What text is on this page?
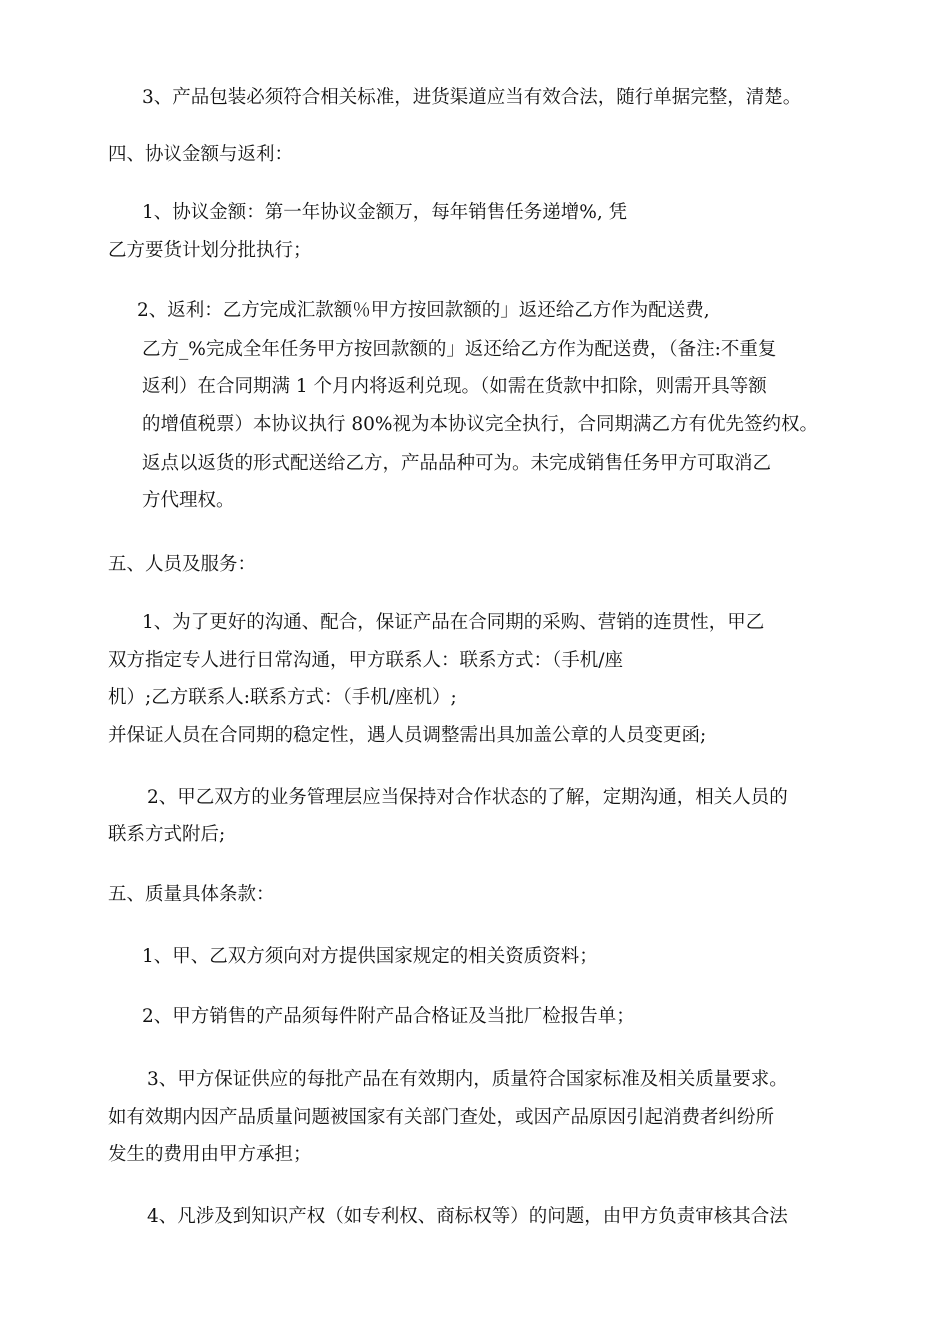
3、产品包装必须符合相关标准，进货渠道应当有效合法，随行单据完整，清楚。

四、协议金额与返利：

1、协议金额：第一年协议金额万，每年销售任务递增%, 凭

乙方要货计划分批执行；

2、返利：乙方完成汇款额％甲方按回款额的」返还给乙方作为配送费,

乙方_%完成全年任务甲方按回款额的」返还给乙方作为配送费，（备注:不重复

返利）在合同期满 1 个月内将返利兑现。（如需在货款中扣除，则需开具等额

的增值税票）本协议执行 80%视为本协议完全执行，合同期满乙方有优先签约权。

返点以返货的形式配送给乙方，产品品种可为。未完成销售任务甲方可取消乙

方代理权。

五、人员及服务：

1、为了更好的沟通、配合，保证产品在合同期的采购、营销的连贯性，甲乙

双方指定专人进行日常沟通，甲方联系人：联系方式：（手机/座

机）;乙方联系人:联系方式：（手机/座机）;

并保证人员在合同期的稳定性，遇人员调整需出具加盖公章的人员变更函;

2、甲乙双方的业务管理层应当保持对合作状态的了解，定期沟通，相关人员的

联系方式附后;

五、质量具体条款：

1、甲、乙双方须向对方提供国家规定的相关资质资料；

2、甲方销售的产品须每件附产品合格证及当批厂检报告单；

3、甲方保证供应的每批产品在有效期内，质量符合国家标准及相关质量要求。

如有效期内因产品质量问题被国家有关部门查处，或因产品原因引起消费者纠纷所

发生的费用由甲方承担；

4、凡涉及到知识产权（如专利权、商标权等）的问题，由甲方负责审核其合法
